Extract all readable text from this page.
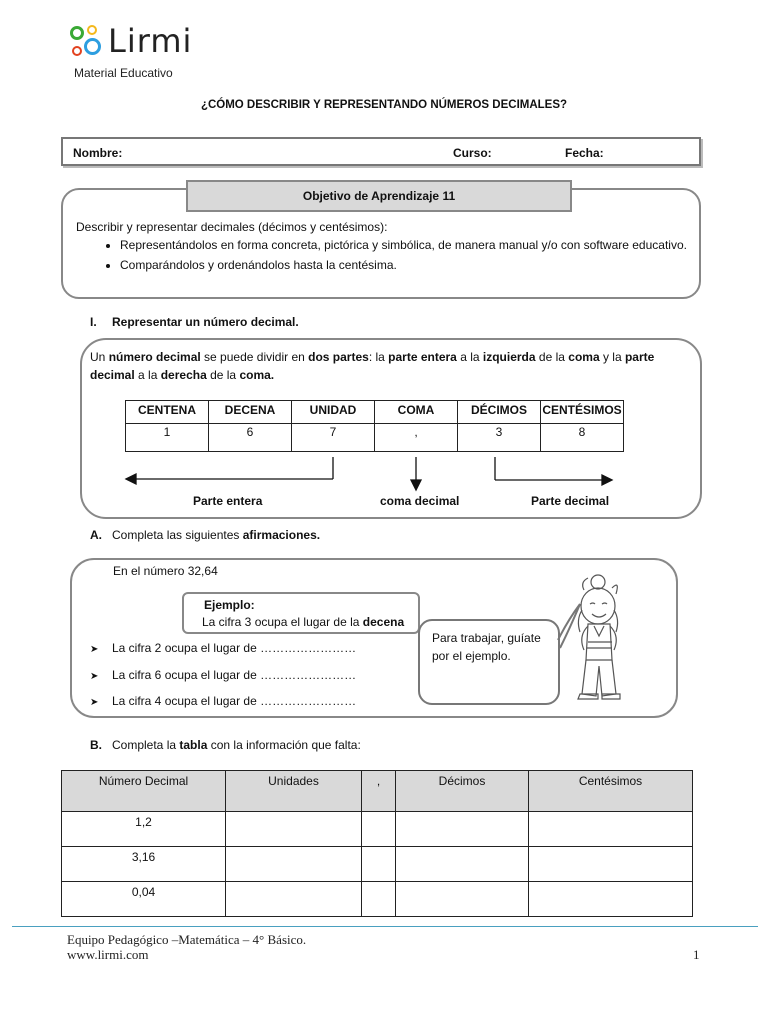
Lirmi
Material Educativo
¿CÓMO DESCRIBIR Y REPRESENTANDO NÚMEROS DECIMALES?
Nombre:	Curso:	Fecha:
Objetivo de Aprendizaje 11
Describir y representar decimales (décimos y centésimos):
• Representándolos en forma concreta, pictórica y simbólica, de manera manual y/o con software educativo.
• Comparándolos y ordenándolos hasta la centésima.
I. Representar un número decimal.
Un número decimal se puede dividir en dos partes: la parte entera a la izquierda de la coma y la parte decimal a la derecha de la coma.
CENTENA	DECENA	UNIDAD	COMA	DÉCIMOS	CENTÉSIMOS
1	6	7	,	3	8
Parte entera	coma decimal	Parte decimal
A. Completa las siguientes afirmaciones.
En el número 32,64
Ejemplo:
La cifra 3 ocupa el lugar de la decena
➤ La cifra 2 ocupa el lugar de ……………………
➤ La cifra 6 ocupa el lugar de ……………………
➤ La cifra 4 ocupa el lugar de ……………………
Para trabajar, guíate por el ejemplo.
B. Completa la tabla con la información que falta:
Número Decimal	Unidades	,	Décimos	Centésimos
1,2				
3,16				
0,04				
Equipo Pedagógico –Matemática – 4° Básico.
www.lirmi.com	1
